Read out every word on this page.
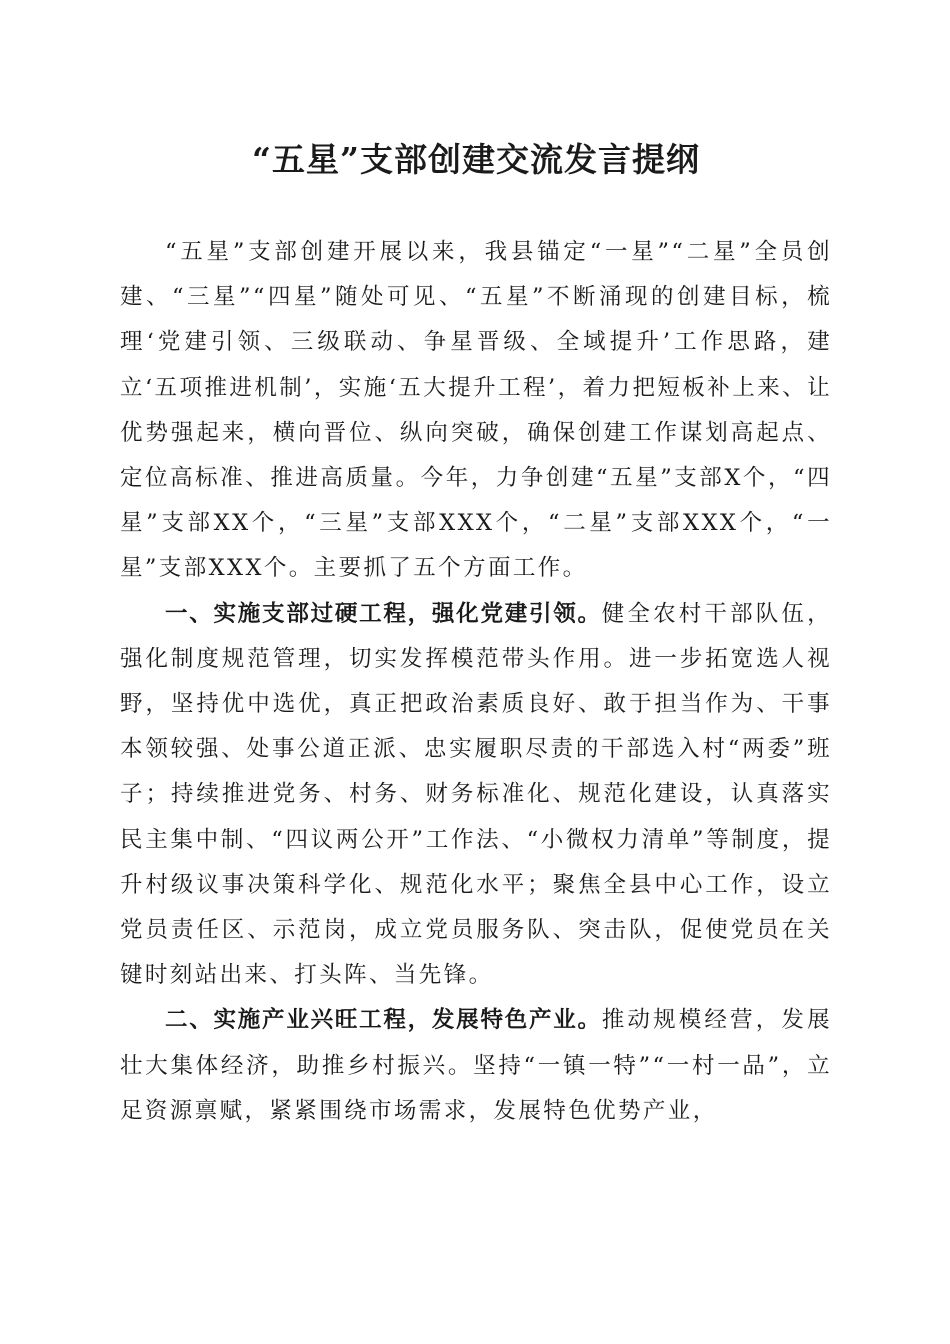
“五星”支部创建交流发言提纲

“五星”支部创建开展以来，我县锚定“一星”“二星”全员创建、“三星”“四星”随处可见、“五星”不断涌现的创建目标，梳理‘党建引领、三级联动、争星晋级、全域提升’工作思路，建立‘五项推进机制’，实施‘五大提升工程’，着力把短板补上来、让优势强起来，横向晋位、纵向突破，确保创建工作谋划高起点、定位高标准、推进高质量。今年，力争创建“五星”支部X个，“四星”支部XX个，“三星”支部XXX个，“二星”支部XXX个，“一星”支部XXX个。主要抓了五个方面工作。

一、实施支部过硬工程，强化党建引领。健全农村干部队伍，强化制度规范管理，切实发挥模范带头作用。进一步拓宽选人视野，坚持优中选优，真正把政治素质良好、敢于担当作为、干事本领较强、处事公道正派、忠实履职尽责的干部选入村“两委”班子；持续推进党务、村务、财务标准化、规范化建设，认真落实民主集中制、“四议两公开”工作法、“小微权力清单”等制度，提升村级议事决策科学化、规范化水平；聚焦全县中心工作，设立党员责任区、示范岗，成立党员服务队、突击队，促使党员在关键时刻站出来、打头阵、当先锋。

二、实施产业兴旺工程，发展特色产业。推动规模经营，发展壮大集体经济，助推乡村振兴。坚持“一镇一特”“一村一品”，立足资源禀赋，紧紧围绕市场需求，发展特色优势产业，
